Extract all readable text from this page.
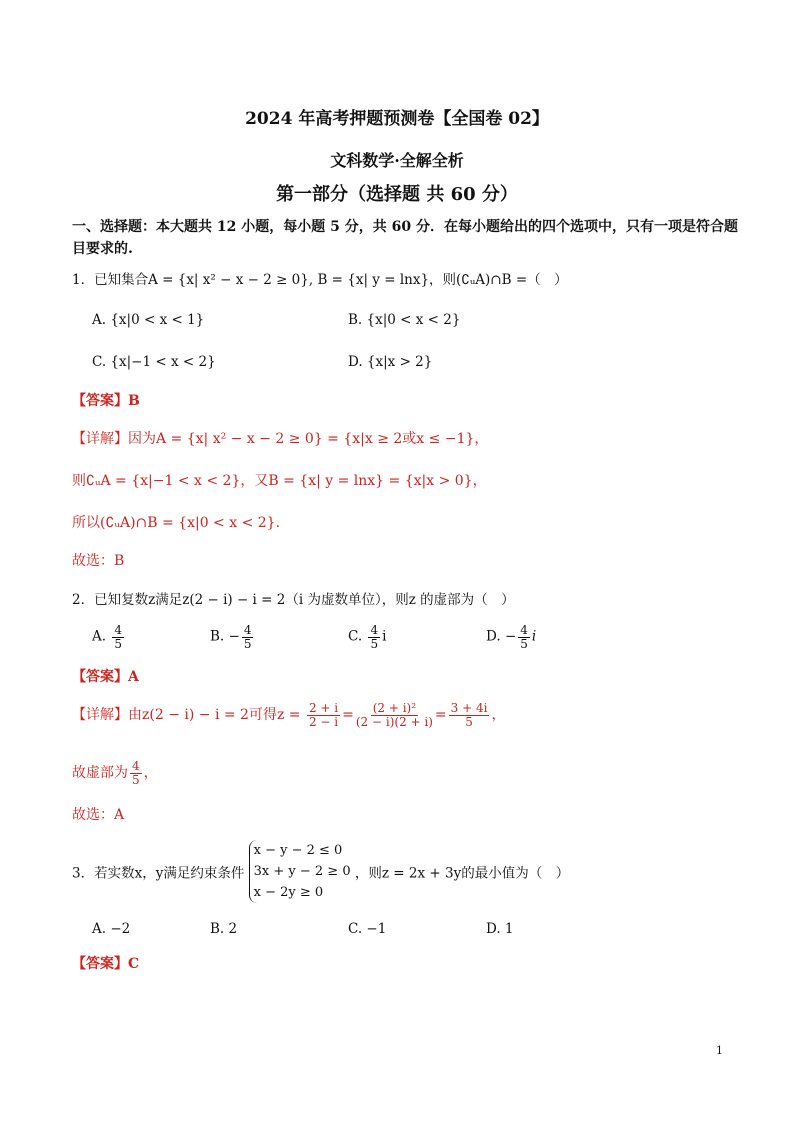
2024 年高考押题预测卷【全国卷 02】
文科数学·全解全析
第一部分（选择题 共 60 分）
一、选择题：本大题共 12 小题，每小题 5 分，共 60 分．在每小题给出的四个选项中，只有一项是符合题
目要求的.
1．已知集合A = {x| x² − x − 2 ≥ 0}, B = {x| y = lnx}，则(∁ᵤA)∩B =（　）
A. {x|0 < x < 1}	B. {x|0 < x < 2}
C. {x|−1 < x < 2}	D. {x|x > 2}
【答案】B
【详解】因为A = {x| x² − x − 2 ≥ 0} = {x|x ≥ 2或x ≤ −1}，
则∁ᵤA = {x|−1 < x < 2}，又B = {x| y = lnx} = {x|x > 0}，
所以(∁ᵤA)∩B = {x|0 < x < 2}.
故选：B
2．已知复数z满足z(2 − i) − i = 2（i 为虚数单位），则z 的虚部为（　）
A. $\frac{4}{5}$	B. − $\frac{4}{5}$	C. $\frac{4}{5}$ i	D. − $\frac{4}{5}$ i
【答案】A
【详解】由z(2 − i) − i = 2可得$z = \frac{2 + i}{2 - i} = \frac{\text{(2 + i)²}}{(2 - i)(2 + i)} = \frac{3 + 4i}{5}$ ，
故虚部为 $\frac{4}{5}$ ，
故选：A
3．若实数x，y满足约束条件 x − y − 2 ≤ 0
3x + y − 2 ≥ 0
x − 2y ≥ 0 ，则z = 2x + 3y的最小值为（　）
A. −2	B. 2	C. −1	D. 1
【答案】C
1
